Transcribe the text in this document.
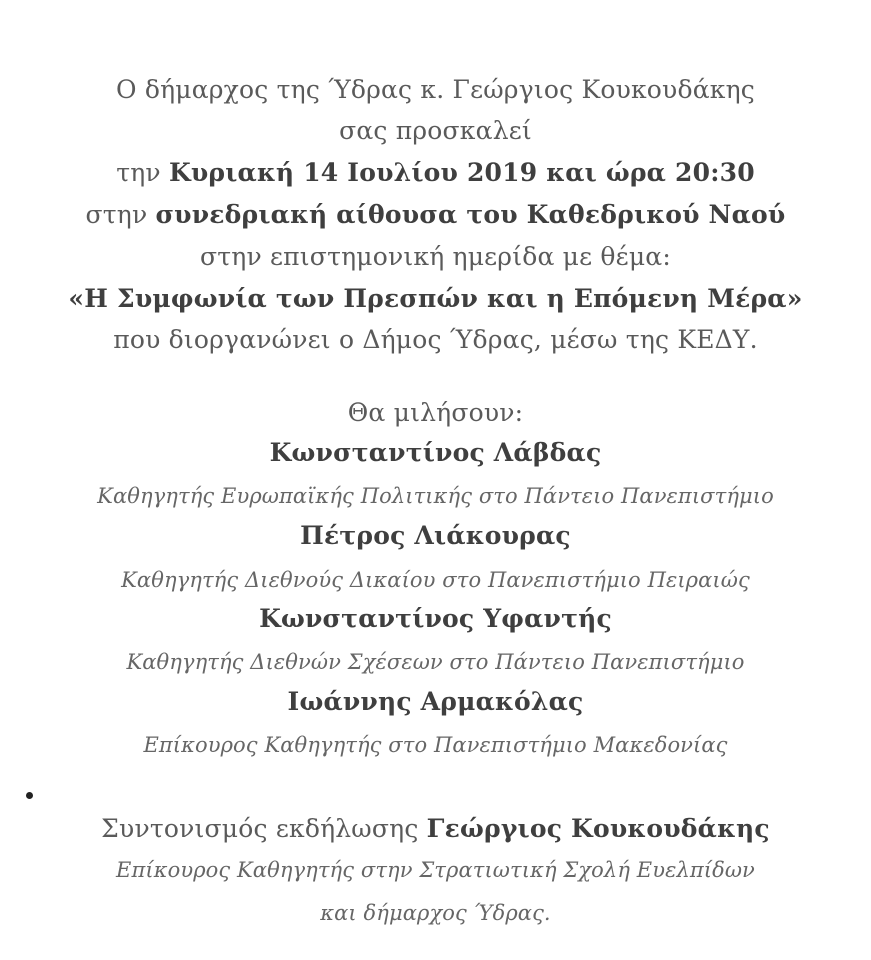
Ο δήμαρχος της Ύδρας κ. Γεώργιος Κουκουδάκης
σας προσκαλεί
την Κυριακή 14 Ιουλίου 2019 και ώρα 20:30
στην συνεδριακή αίθουσα του Καθεδρικού Ναού
στην επιστημονική ημερίδα με θέμα:
«Η Συμφωνία των Πρεσπών και η Επόμενη Μέρα»
που διοργανώνει ο Δήμος Ύδρας, μέσω της ΚΕΔΥ.
Θα μιλήσουν:
Κωνσταντίνος Λάβδας
Καθηγητής Ευρωπαϊκής Πολιτικής στο Πάντειο Πανεπιστήμιο
Πέτρος Λιάκουρας
Καθηγητής Διεθνούς Δικαίου στο Πανεπιστήμιο Πειραιώς
Κωνσταντίνος Υφαντής
Καθηγητής Διεθνών Σχέσεων στο Πάντειο Πανεπιστήμιο
Ιωάννης Αρμακόλας
Επίκουρος Καθηγητής στο Πανεπιστήμιο Μακεδονίας
Συντονισμός εκδήλωσης Γεώργιος Κουκουδάκης
Επίκουρος Καθηγητής στην Στρατιωτική Σχολή Ευελπίδων
και δήμαρχος Ύδρας.
